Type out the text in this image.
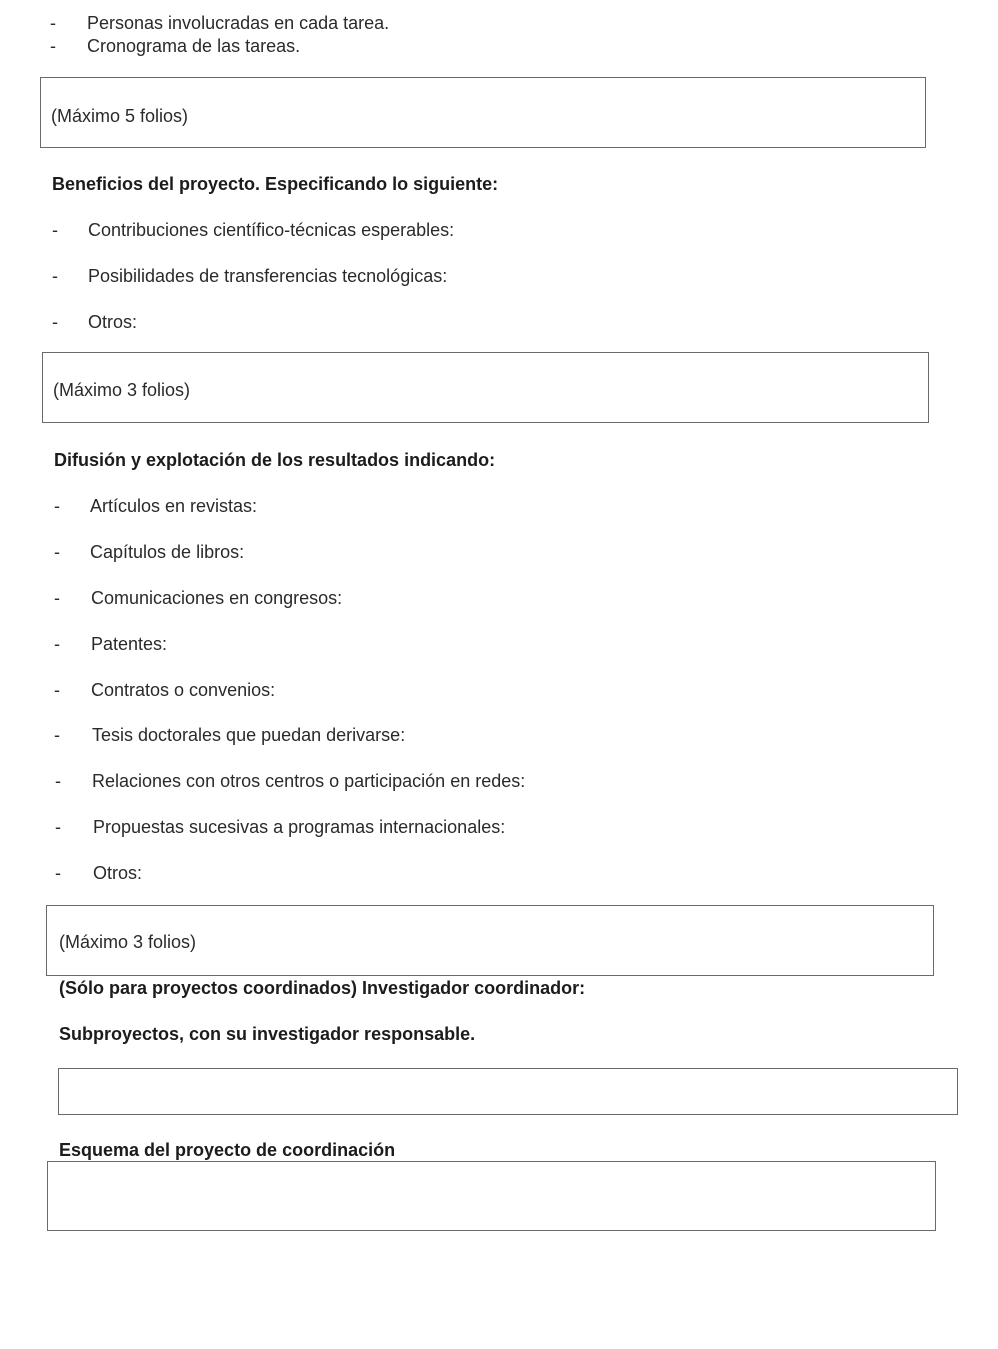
- Personas involucradas en cada tarea.
- Cronograma de las tareas.
(Máximo 5 folios)
Beneficios del proyecto. Especificando lo siguiente:
- Contribuciones científico-técnicas esperables:
- Posibilidades de transferencias tecnológicas:
- Otros:
(Máximo 3 folios)
Difusión y explotación de los resultados indicando:
- Artículos en revistas:
- Capítulos de libros:
- Comunicaciones en congresos:
- Patentes:
- Contratos o convenios:
- Tesis doctorales que puedan derivarse:
- Relaciones con otros centros o participación en redes:
- Propuestas sucesivas a programas internacionales:
- Otros:
(Máximo 3 folios)
(Sólo para proyectos coordinados) Investigador coordinador:
Subproyectos, con su investigador responsable.
Esquema del proyecto de coordinación
